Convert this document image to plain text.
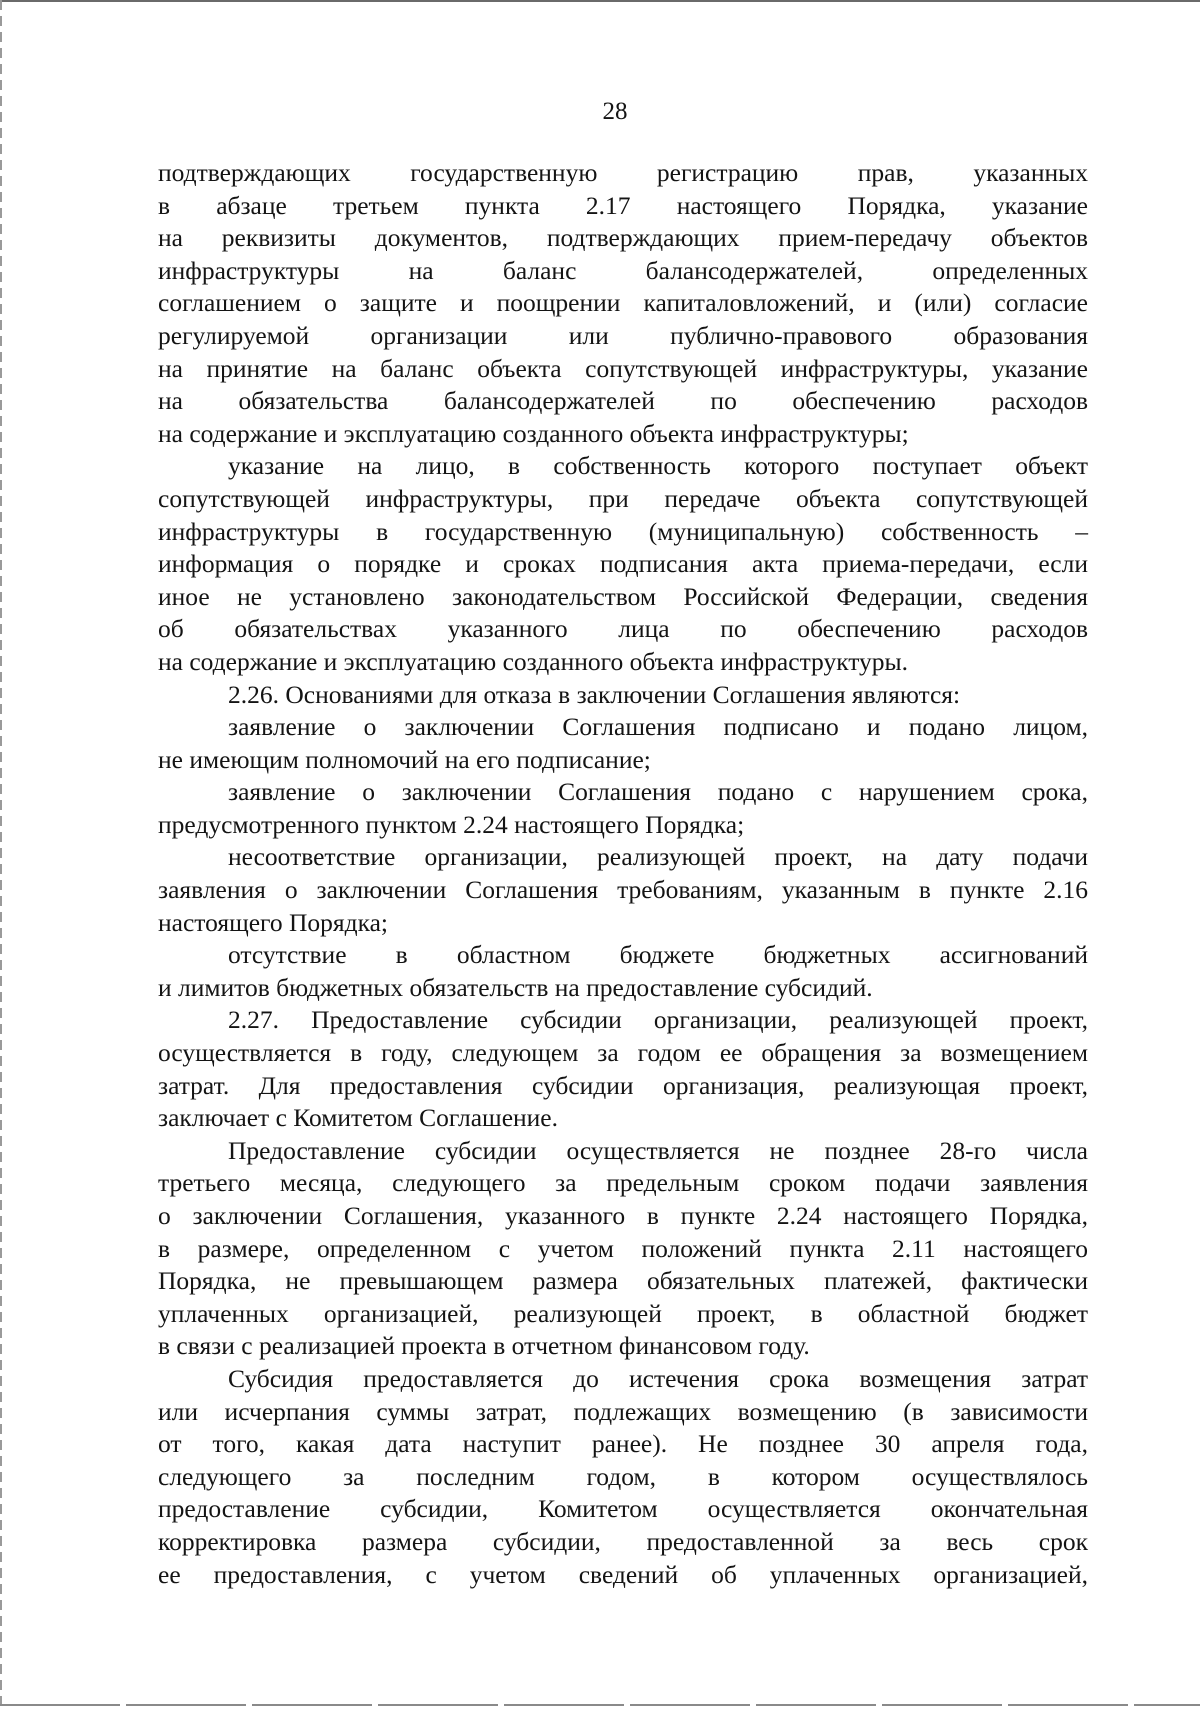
28
подтверждающих государственную регистрацию прав, указанных
в абзаце третьем пункта 2.17 настоящего Порядка, указание
на реквизиты документов, подтверждающих прием-передачу объектов
инфраструктуры на баланс балансодержателей, определенных
соглашением о защите и поощрении капиталовложений, и (или) согласие
регулируемой организации или публично-правового образования
на принятие на баланс объекта сопутствующей инфраструктуры, указание
на обязательства балансодержателей по обеспечению расходов
на содержание и эксплуатацию созданного объекта инфраструктуры;
указание на лицо, в собственность которого поступает объект
сопутствующей инфраструктуры, при передаче объекта сопутствующей
инфраструктуры в государственную (муниципальную) собственность –
информация о порядке и сроках подписания акта приема-передачи, если
иное не установлено законодательством Российской Федерации, сведения
об обязательствах указанного лица по обеспечению расходов
на содержание и эксплуатацию созданного объекта инфраструктуры.
2.26. Основаниями для отказа в заключении Соглашения являются:
заявление о заключении Соглашения подписано и подано лицом,
не имеющим полномочий на его подписание;
заявление о заключении Соглашения подано с нарушением срока,
предусмотренного пунктом 2.24 настоящего Порядка;
несоответствие организации, реализующей проект, на дату подачи
заявления о заключении Соглашения требованиям, указанным в пункте 2.16
настоящего Порядка;
отсутствие в областном бюджете бюджетных ассигнований
и лимитов бюджетных обязательств на предоставление субсидий.
2.27. Предоставление субсидии организации, реализующей проект,
осуществляется в году, следующем за годом ее обращения за возмещением
затрат. Для предоставления субсидии организация, реализующая проект,
заключает с Комитетом Соглашение.
Предоставление субсидии осуществляется не позднее 28-го числа
третьего месяца, следующего за предельным сроком подачи заявления
о заключении Соглашения, указанного в пункте 2.24 настоящего Порядка,
в размере, определенном с учетом положений пункта 2.11 настоящего
Порядка, не превышающем размера обязательных платежей, фактически
уплаченных организацией, реализующей проект, в областной бюджет
в связи с реализацией проекта в отчетном финансовом году.
Субсидия предоставляется до истечения срока возмещения затрат
или исчерпания суммы затрат, подлежащих возмещению (в зависимости
от того, какая дата наступит ранее). Не позднее 30 апреля года,
следующего за последним годом, в котором осуществлялось
предоставление субсидии, Комитетом осуществляется окончательная
корректировка размера субсидии, предоставленной за весь срок
ее предоставления, с учетом сведений об уплаченных организацией,
